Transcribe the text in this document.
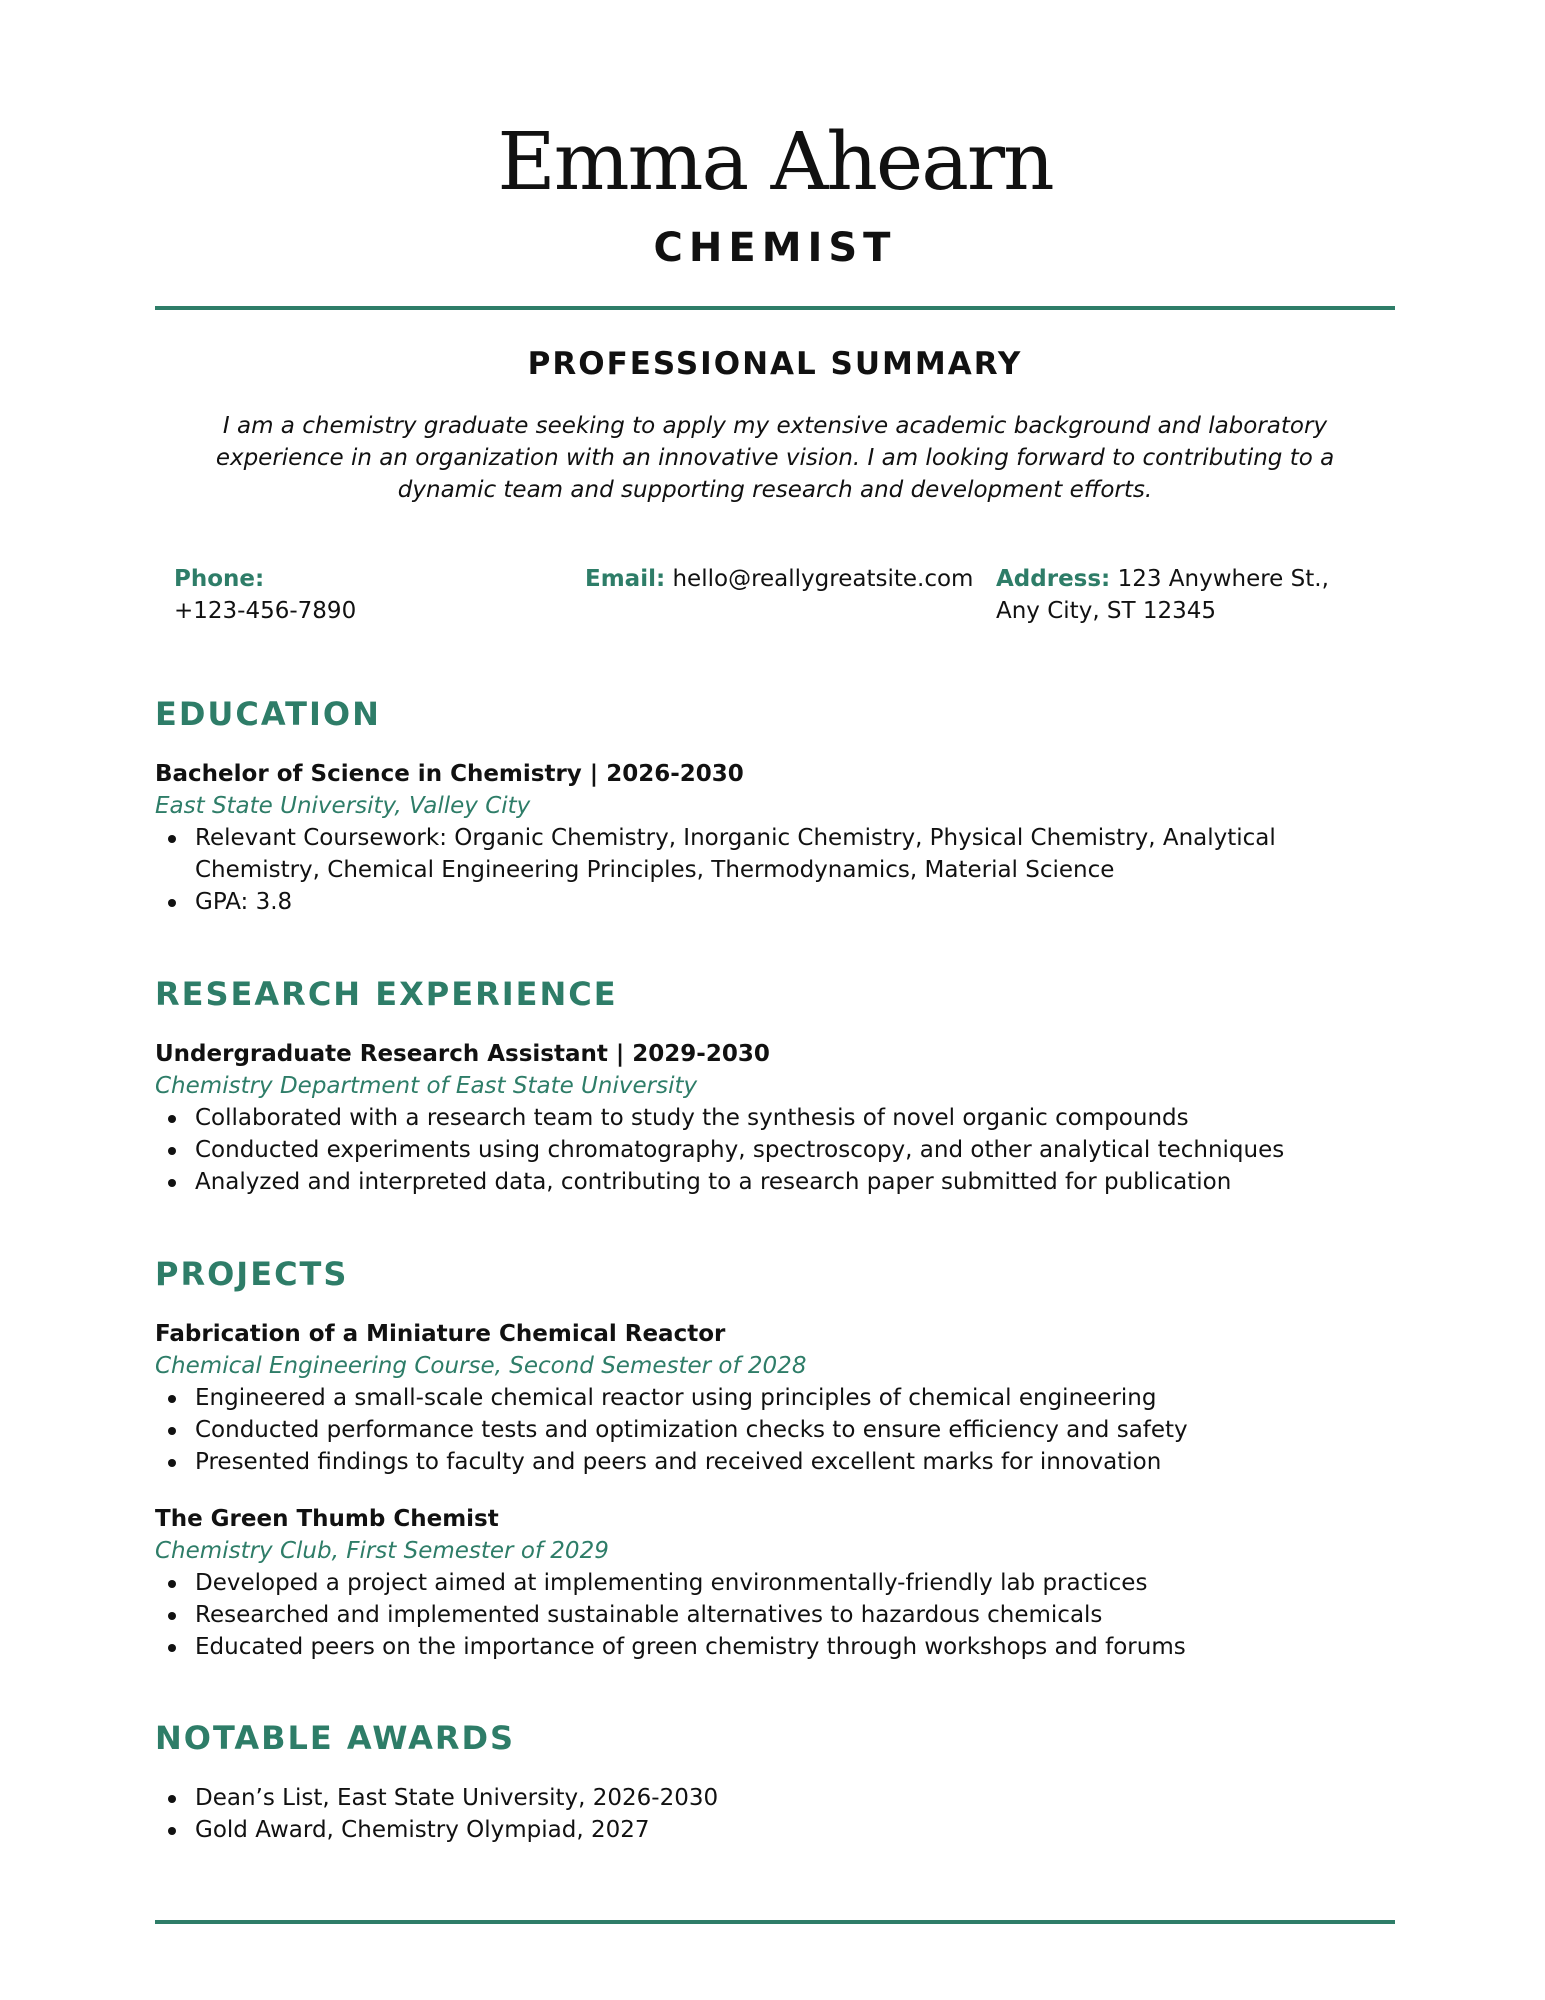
Emma Ahearn
CHEMIST
PROFESSIONAL SUMMARY
I am a chemistry graduate seeking to apply my extensive academic background and laboratory experience in an organization with an innovative vision. I am looking forward to contributing to a dynamic team and supporting research and development efforts.
Phone:
+123-456-7890
Email: hello@reallygreatsite.com Address: 123 Anywhere St., Any City, ST 12345
EDUCATION
Bachelor of Science in Chemistry | 2026-2030
East State University, Valley City
Relevant Coursework: Organic Chemistry, Inorganic Chemistry, Physical Chemistry, Analytical Chemistry, Chemical Engineering Principles, Thermodynamics, Material Science
GPA: 3.8
RESEARCH EXPERIENCE
Undergraduate Research Assistant | 2029-2030
Chemistry Department of East State University
Collaborated with a research team to study the synthesis of novel organic compounds
Conducted experiments using chromatography, spectroscopy, and other analytical techniques
Analyzed and interpreted data, contributing to a research paper submitted for publication
PROJECTS
Fabrication of a Miniature Chemical Reactor
Chemical Engineering Course, Second Semester of 2028
Engineered a small-scale chemical reactor using principles of chemical engineering
Conducted performance tests and optimization checks to ensure efficiency and safety
Presented findings to faculty and peers and received excellent marks for innovation
The Green Thumb Chemist
Chemistry Club, First Semester of 2029
Developed a project aimed at implementing environmentally-friendly lab practices
Researched and implemented sustainable alternatives to hazardous chemicals
Educated peers on the importance of green chemistry through workshops and forums
NOTABLE AWARDS
Dean’s List, East State University, 2026-2030
Gold Award, Chemistry Olympiad, 2027
